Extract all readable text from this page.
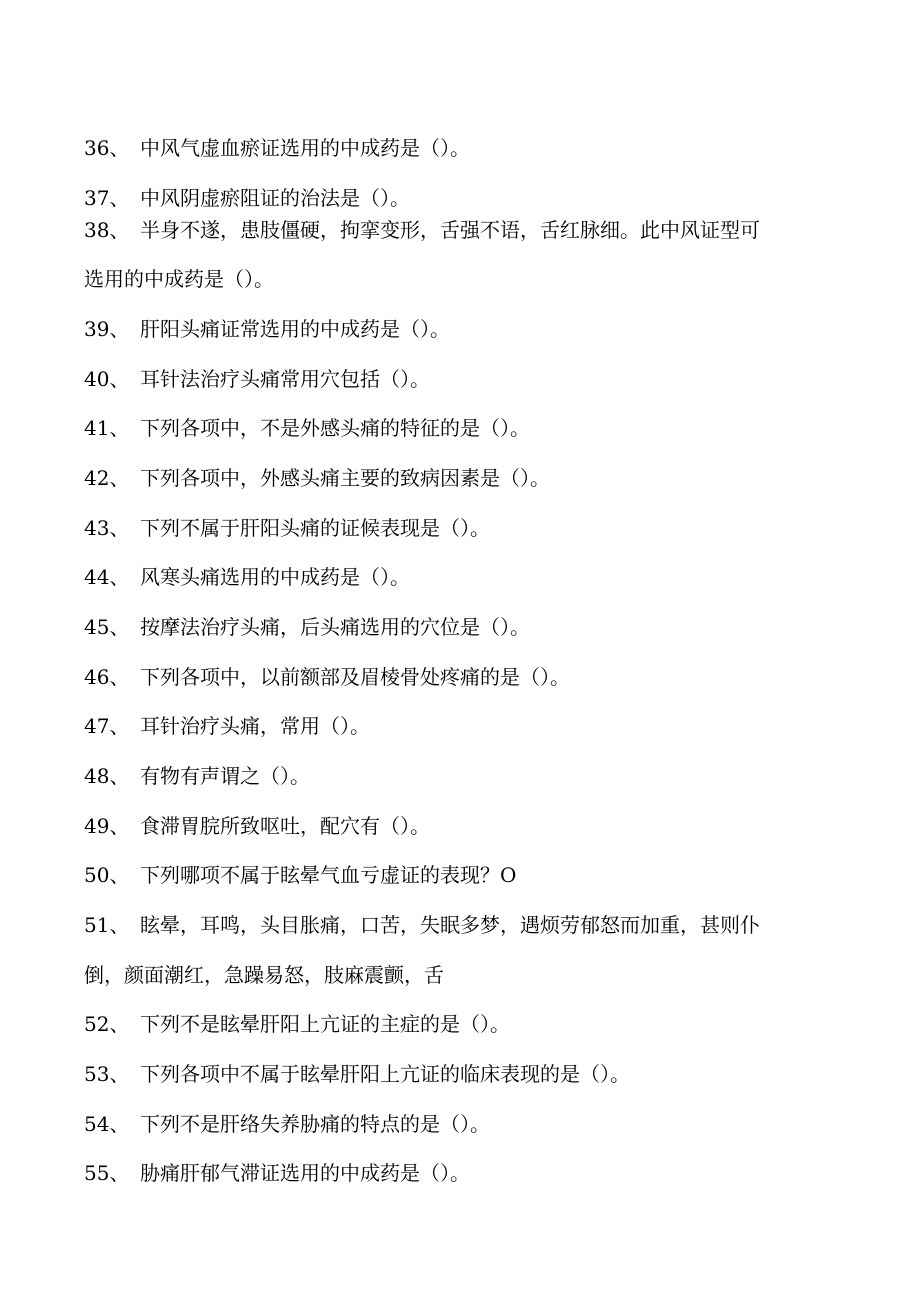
36、 中风气虚血瘀证选用的中成药是（）。
37、 中风阴虚瘀阻证的治法是（）。
38、 半身不遂，患肢僵硬，拘挛变形，舌强不语，舌红脉细。此中风证型可
选用的中成药是（）。
39、 肝阳头痛证常选用的中成药是（）。
40、 耳针法治疗头痛常用穴包括（）。
41、 下列各项中，不是外感头痛的特征的是（）。
42、 下列各项中，外感头痛主要的致病因素是（）。
43、 下列不属于肝阳头痛的证候表现是（）。
44、 风寒头痛选用的中成药是（）。
45、 按摩法治疗头痛，后头痛选用的穴位是（）。
46、 下列各项中，以前额部及眉棱骨处疼痛的是（）。
47、 耳针治疗头痛，常用（）。
48、 有物有声谓之（）。
49、 食滞胃脘所致呕吐，配穴有（）。
50、 下列哪项不属于眩晕气血亏虚证的表现？O
51、 眩晕，耳鸣，头目胀痛，口苦，失眠多梦，遇烦劳郁怒而加重，甚则仆
倒，颜面潮红，急躁易怒，肢麻震颤，舌
52、 下列不是眩晕肝阳上亢证的主症的是（）。
53、 下列各项中不属于眩晕肝阳上亢证的临床表现的是（）。
54、 下列不是肝络失养胁痛的特点的是（）。
55、 胁痛肝郁气滞证选用的中成药是（）。
